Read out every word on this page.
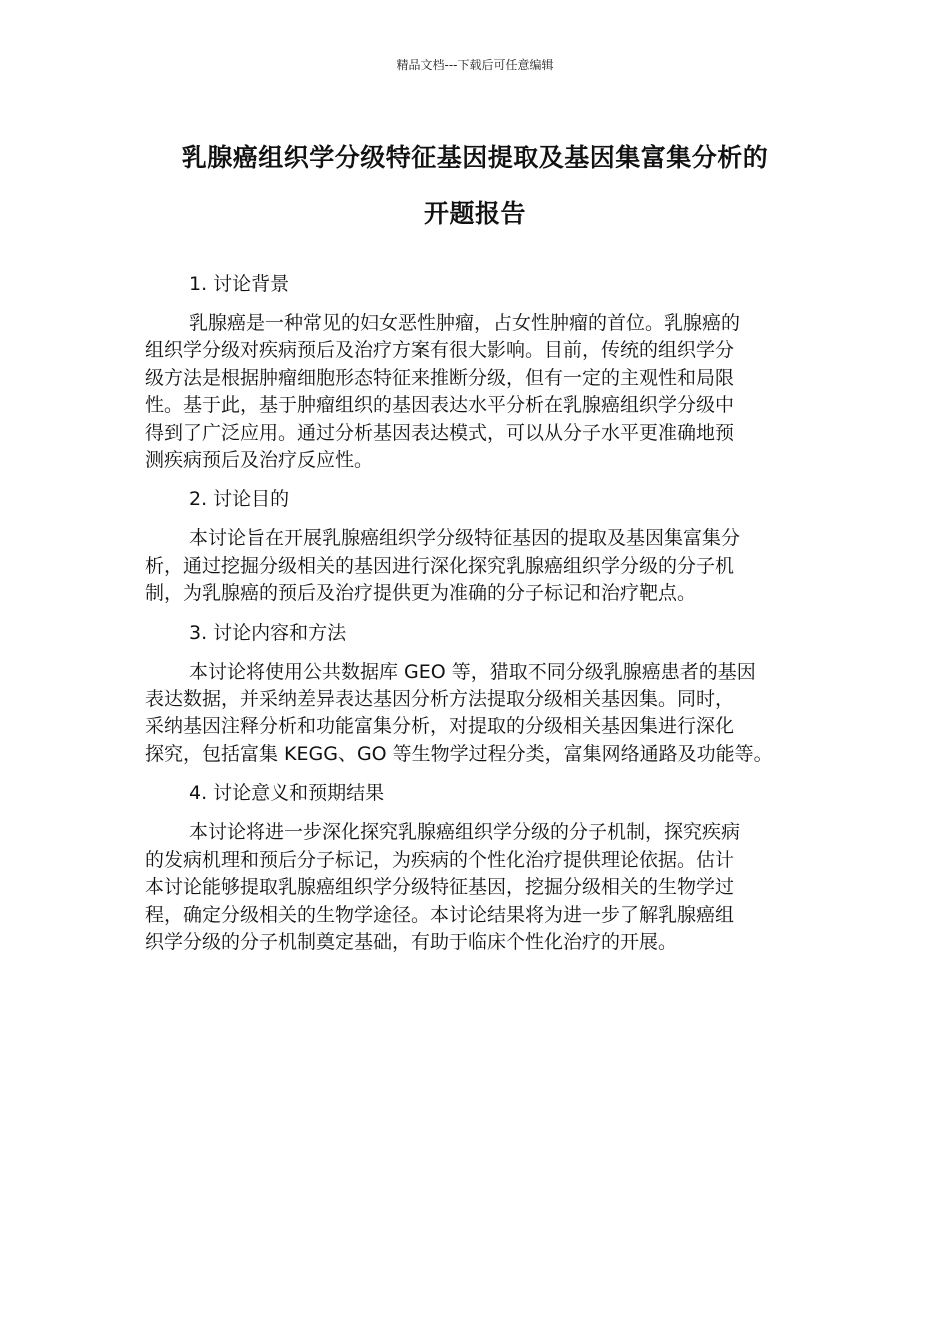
精品文档---下载后可任意编辑
乳腺癌组织学分级特征基因提取及基因集富集分析的
开题报告
1. 讨论背景
乳腺癌是一种常见的妇女恶性肿瘤，占女性肿瘤的首位。乳腺癌的
组织学分级对疾病预后及治疗方案有很大影响。目前，传统的组织学分
级方法是根据肿瘤细胞形态特征来推断分级，但有一定的主观性和局限
性。基于此，基于肿瘤组织的基因表达水平分析在乳腺癌组织学分级中
得到了广泛应用。通过分析基因表达模式，可以从分子水平更准确地预
测疾病预后及治疗反应性。
2. 讨论目的
本讨论旨在开展乳腺癌组织学分级特征基因的提取及基因集富集分
析，通过挖掘分级相关的基因进行深化探究乳腺癌组织学分级的分子机
制，为乳腺癌的预后及治疗提供更为准确的分子标记和治疗靶点。
3. 讨论内容和方法
本讨论将使用公共数据库 GEO 等，猎取不同分级乳腺癌患者的基因
表达数据，并采纳差异表达基因分析方法提取分级相关基因集。同时，
采纳基因注释分析和功能富集分析，对提取的分级相关基因集进行深化
探究，包括富集 KEGG、GO 等生物学过程分类，富集网络通路及功能等。
4. 讨论意义和预期结果
本讨论将进一步深化探究乳腺癌组织学分级的分子机制，探究疾病
的发病机理和预后分子标记，为疾病的个性化治疗提供理论依据。估计
本讨论能够提取乳腺癌组织学分级特征基因，挖掘分级相关的生物学过
程，确定分级相关的生物学途径。本讨论结果将为进一步了解乳腺癌组
织学分级的分子机制奠定基础，有助于临床个性化治疗的开展。
